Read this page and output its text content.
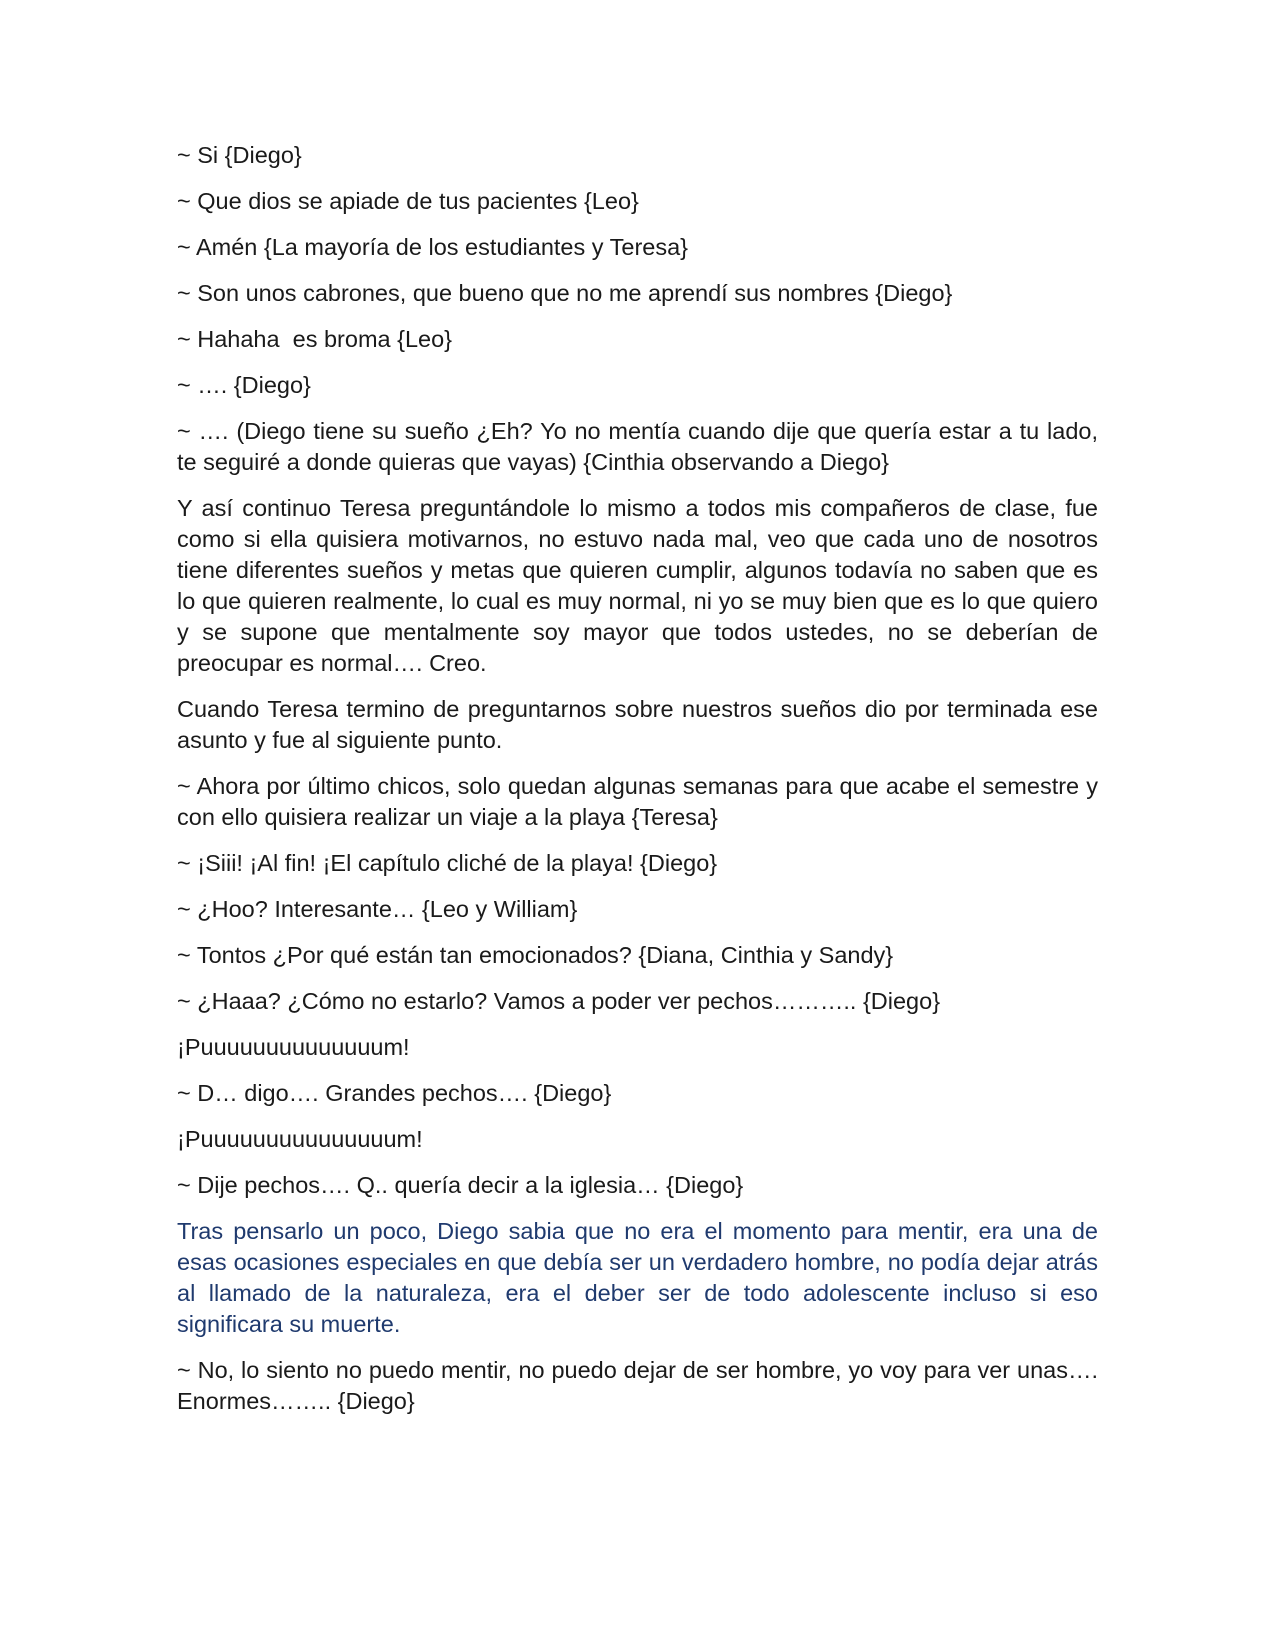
~ Si {Diego}

~ Que dios se apiade de tus pacientes {Leo}

~ Amén {La mayoría de los estudiantes y Teresa}

~ Son unos cabrones, que bueno que no me aprendí sus nombres {Diego}

~ Hahaha  es broma {Leo}

~ …. {Diego}

~ …. (Diego tiene su sueño ¿Eh? Yo no mentía cuando dije que quería estar a tu lado, te seguiré a donde quieras que vayas) {Cinthia observando a Diego}

Y así continuo Teresa preguntándole lo mismo a todos mis compañeros de clase, fue como si ella quisiera motivarnos, no estuvo nada mal, veo que cada uno de nosotros tiene diferentes sueños y metas que quieren cumplir, algunos todavía no saben que es lo que quieren realmente, lo cual es muy normal, ni yo se muy bien que es lo que quiero y se supone que mentalmente soy mayor que todos ustedes, no se deberían de preocupar es normal…. Creo.

Cuando Teresa termino de preguntarnos sobre nuestros sueños dio por terminada ese asunto y fue al siguiente punto.

~ Ahora por último chicos, solo quedan algunas semanas para que acabe el semestre y con ello quisiera realizar un viaje a la playa {Teresa}

~ ¡Siii! ¡Al fin! ¡El capítulo cliché de la playa! {Diego}

~ ¿Hoo? Interesante… {Leo y William}

~ Tontos ¿Por qué están tan emocionados? {Diana, Cinthia y Sandy}

~ ¿Haaa? ¿Cómo no estarlo? Vamos a poder ver pechos……….. {Diego}

¡Puuuuuuuuuuuuuum!

~ D… digo…. Grandes pechos…. {Diego}

¡Puuuuuuuuuuuuuuum!

~ Dije pechos…. Q.. quería decir a la iglesia… {Diego}

Tras pensarlo un poco, Diego sabia que no era el momento para mentir, era una de esas ocasiones especiales en que debía ser un verdadero hombre, no podía dejar atrás al llamado de la naturaleza, era el deber ser de todo adolescente incluso si eso significara su muerte.

~ No, lo siento no puedo mentir, no puedo dejar de ser hombre, yo voy para ver unas…. Enormes…….. {Diego}
